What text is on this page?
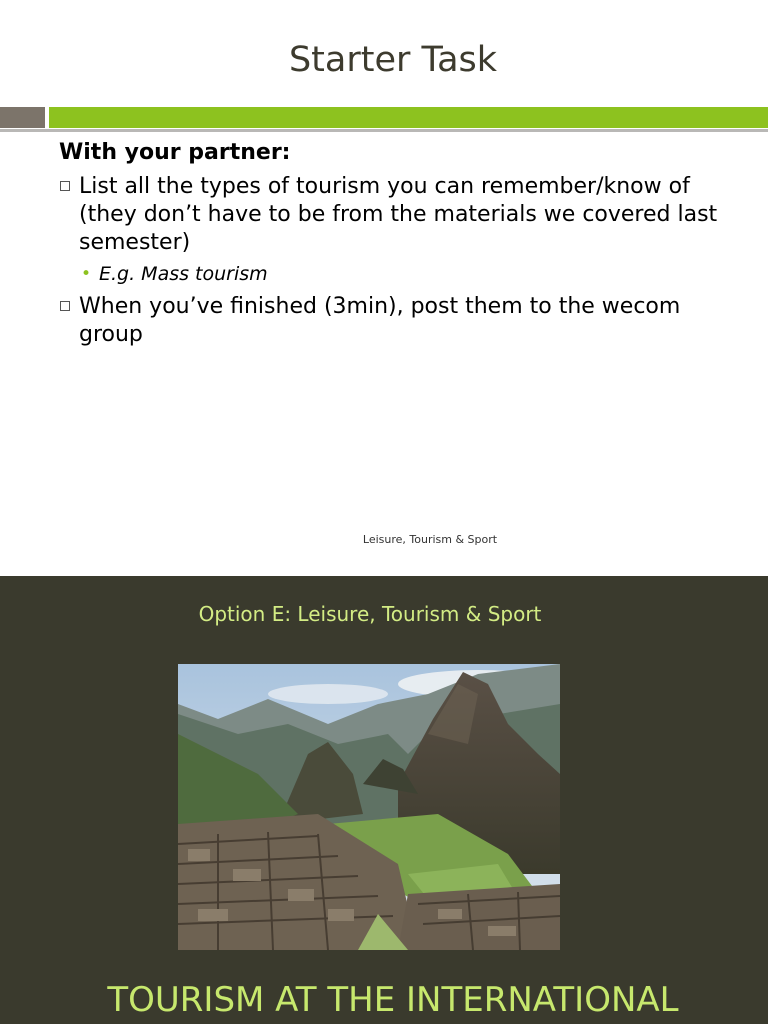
Starter Task
With your partner:
List all the types of tourism you can remember/know of (they don’t have to be from the materials we covered last semester)
• E.g. Mass tourism
When you’ve finished (3min), post them to the wecom group
Leisure, Tourism & Sport
Option E: Leisure, Tourism & Sport
TOURISM AT THE INTERNATIONAL
